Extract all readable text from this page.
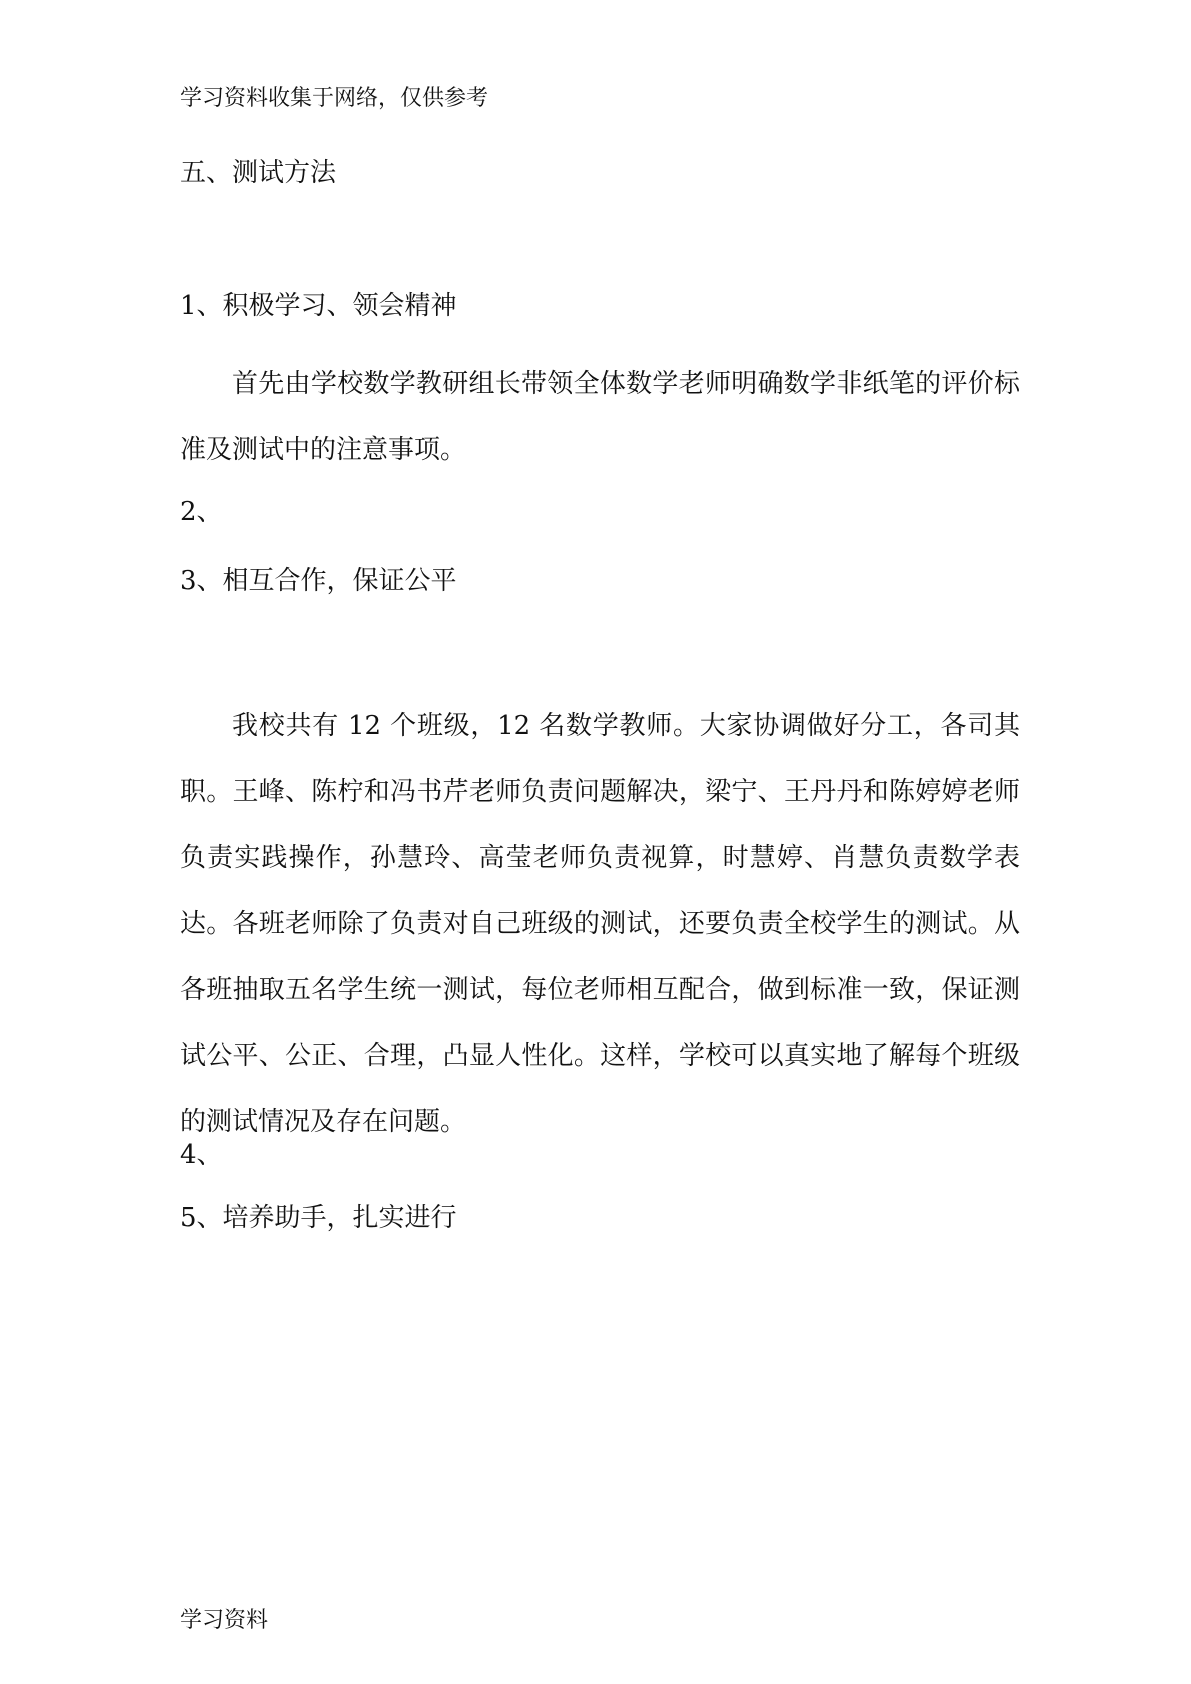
学习资料收集于网络，仅供参考
五、测试方法
1、积极学习、领会精神
首先由学校数学教研组长带领全体数学老师明确数学非纸笔的评价标准及测试中的注意事项。
2、
3、相互合作，保证公平
我校共有 12 个班级，12 名数学教师。大家协调做好分工，各司其职。王峰、陈柠和冯书芹老师负责问题解决，梁宁、王丹丹和陈婷婷老师负责实践操作，孙慧玲、高莹老师负责视算，时慧婷、肖慧负责数学表达。各班老师除了负责对自己班级的测试，还要负责全校学生的测试。从各班抽取五名学生统一测试，每位老师相互配合，做到标准一致，保证测试公平、公正、合理，凸显人性化。这样，学校可以真实地了解每个班级的测试情况及存在问题。
4、
5、培养助手，扎实进行
学习资料
